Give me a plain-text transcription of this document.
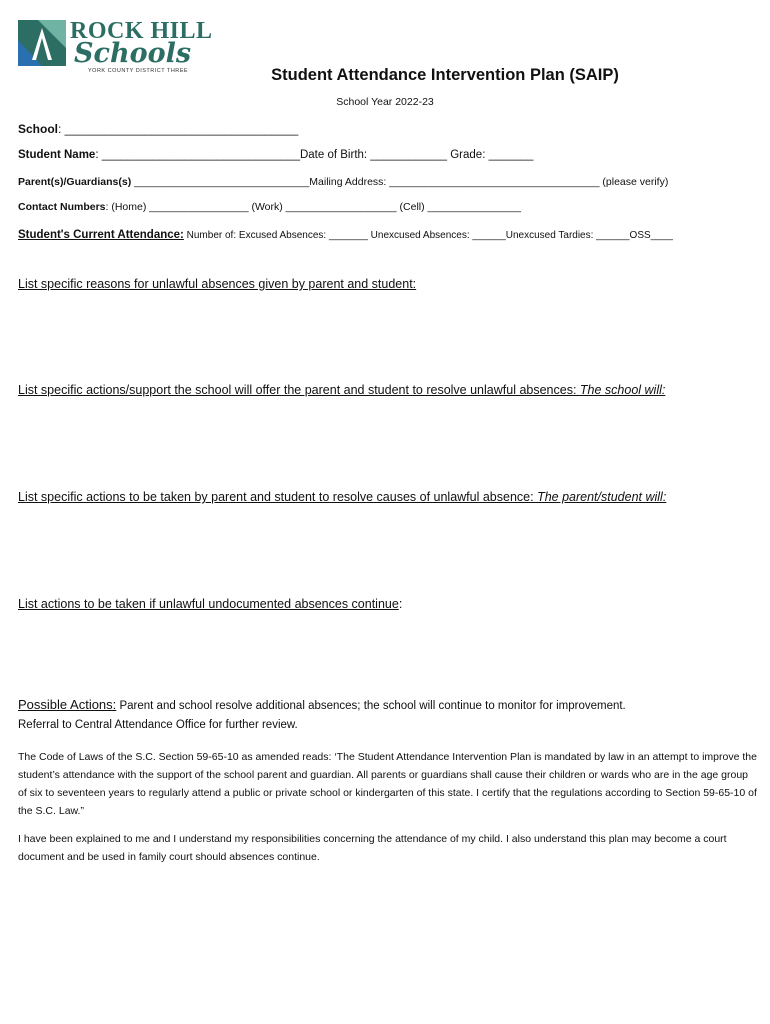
ROCK HILL
Schools
YORK COUNTY DISTRICT THREE	Student Attendance Intervention Plan (SAIP)
School Year 2022-23
School: ___________________________________
Student Name: _______________________________Date of Birth: ____________ Grade: _______
Parent(s)/Guardians(s) ______________________________Mailing Address: ____________________________________ (please verify)
Contact Numbers: (Home) _________________ (Work) ___________________ (Cell) ________________
Student's Current Attendance: Number of: Excused Absences: _______ Unexcused Absences: ______Unexcused Tardies: ______OSS____
List specific reasons for unlawful absences given by parent and student:
List specific actions/support the school will offer the parent and student to resolve unlawful absences: The school will:
List specific actions to be taken by parent and student to resolve causes of unlawful absence: The parent/student will:
List actions to be taken if unlawful undocumented absences continue:
Possible Actions: Parent and school resolve additional absences; the school will continue to monitor for improvement.
Referral to Central Attendance Office for further review.
The Code of Laws of the S.C. Section 59-65-10 as amended reads: ‘The Student Attendance Intervention Plan is mandated by law in an attempt to improve the student’s attendance with the support of the school parent and guardian. All parents or guardians shall cause their children or wards who are in the age group of six to seventeen years to regularly attend a public or private school or kindergarten of this state. I certify that the regulations according to Section 59-65-10 of the S.C. Law.”
I have been explained to me and I understand my responsibilities concerning the attendance of my child. I also understand this plan may become a court document and be used in family court should absences continue.
